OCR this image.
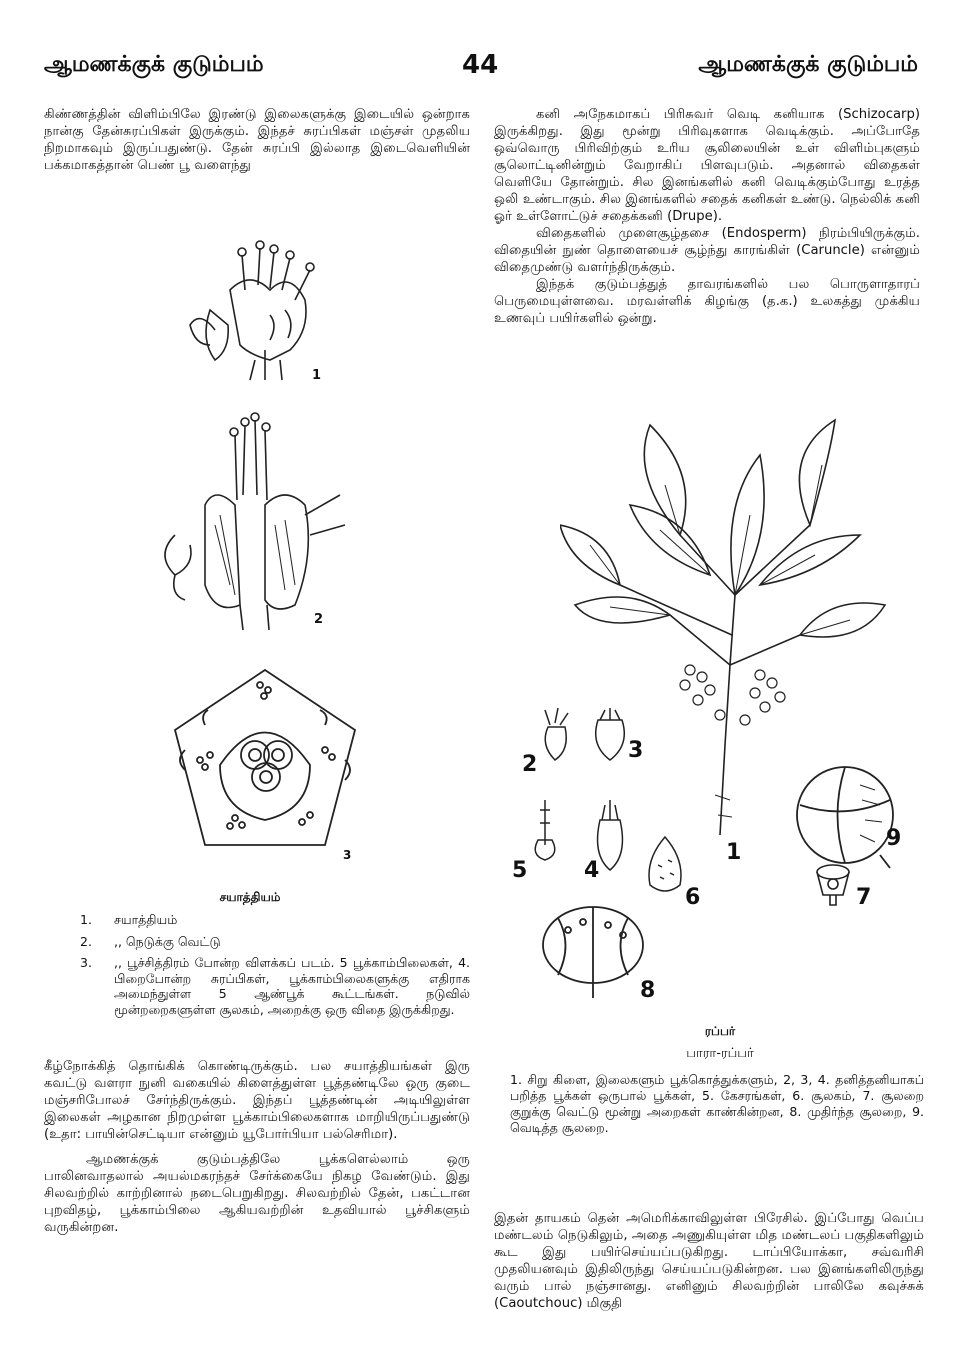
ஆமணக்குக் குடும்பம்	44	ஆமணக்குக் குடும்பம்

கிண்ணத்தின் விளிம்பிலே இரண்டு இலைகளுக்கு இடையில் ஒன்றாக நான்கு தேன்சுரப்பிகள் இருக்கும். இந்தச் சுரப்பிகள் மஞ்சள் முதலிய நிறமாகவும் இருப்பதுண்டு. தேன் சுரப்பி இல்லாத இடைவெளியின் பக்கமாகத்தான் பெண் பூ வளைந்து

1
2
3
சயாத்தியம்
1.	சயாத்தியம்
2.	,, நெடுக்கு வெட்டு
3.	,, பூச்சித்திரம் போன்ற விளக்கப் படம். 5 பூக்காம்பிலைகள், 4. பிறைபோன்ற சுரப்பிகள், பூக்காம்பிலைகளுக்கு எதிராக அமைந்துள்ள 5 ஆண்பூக் கூட்டங்கள். நடுவில் மூன்றறைகளுள்ள சூலகம், அறைக்கு ஒரு விதை இருக்கிறது.

கீழ்நோக்கித் தொங்கிக் கொண்டிருக்கும். பல சயாத்தியங்கள் இரு கவட்டு வளரா நுனி வகையில் கிளைத்துள்ள பூத்தண்டிலே ஒரு குடை மஞ்சரிபோலச் சேர்ந்திருக்கும். இந்தப் பூத்தண்டின் அடியிலுள்ள இலைகள் அழகான நிறமுள்ள பூக்காம்பிலைகளாக மாறியிருப்பதுண்டு (உதா: பாயின்செட்டியா என்னும் யூபோர்பியா பல்செரிமா).

ஆமணக்குக் குடும்பத்திலே பூக்களெல்லாம் ஒரு பாலினவாதலால் அயல்மகரந்தச் சேர்க்கையே நிகழ வேண்டும். இது சிலவற்றில் காற்றினால் நடைபெறுகிறது. சிலவற்றில் தேன், பகட்டான புறவிதழ், பூக்காம்பிலை ஆகியவற்றின் உதவியால் பூச்சிகளும் வருகின்றன.

கனி அநேகமாகப் பிரிசுவர் வெடி கனியாக (Schizocarp) இருக்கிறது. இது மூன்று பிரிவுகளாக வெடிக்கும். அப்போதே ஒவ்வொரு பிரிவிற்கும் உரிய சூலிலையின் உள் விளிம்புகளும் சூலொட்டினின்றும் வேறாகிப் பிளவுபடும். அதனால் விதைகள் வெளியே தோன்றும். சில இனங்களில் கனி வெடிக்கும்போது உரத்த ஒலி உண்டாகும். சில இனங்களில் சதைக் கனிகள் உண்டு. நெல்லிக் கனி ஓர் உள்ளோட்டுச் சதைக்கனி (Drupe).

விதைகளில் முளைசூழ்தசை (Endosperm) நிரம்பியிருக்கும். விதையின் நுண் தொளையைச் சூழ்ந்து காரங்கிள் (Caruncle) என்னும் விதைமுண்டு வளர்ந்திருக்கும்.

இந்தக் குடும்பத்துத் தாவரங்களில் பல பொருளாதாரப் பெருமையுள்ளவை. மரவள்ளிக் கிழங்கு (த.க.) உலகத்து முக்கிய உணவுப் பயிர்களில் ஒன்று.

1
2
3
4
5
6	7
8
9
ரப்பர்
பாரா-ரப்பர்
1. சிறு கிளை, இலைகளும் பூக்கொத்துக்களும், 2, 3, 4. தனித்தனியாகப் பறித்த பூக்கள் ஒருபால் பூக்கள், 5. கேசரங்கள், 6. சூலகம், 7. சூலறை குறுக்கு வெட்டு மூன்று அறைகள் காண்கின்றன, 8. முதிர்ந்த சூலறை, 9. வெடித்த சூலறை.

இதன் தாயகம் தென் அமெரிக்காவிலுள்ள பிரேசில். இப்போது வெப்ப மண்டலம் நெடுகிலும், அதை அணுகியுள்ள மித மண்டலப் பகுதிகளிலும் கூட இது பயிர்செய்யப்படுகிறது. டாப்பியோக்கா, சவ்வரிசி முதலியனவும் இதிலிருந்து செய்யப்படுகின்றன. பல இனங்களிலிருந்து வரும் பால் நஞ்சானது. எனினும் சிலவற்றின் பாலிலே கவுச்சுக் (Caoutchouc) மிகுதி
